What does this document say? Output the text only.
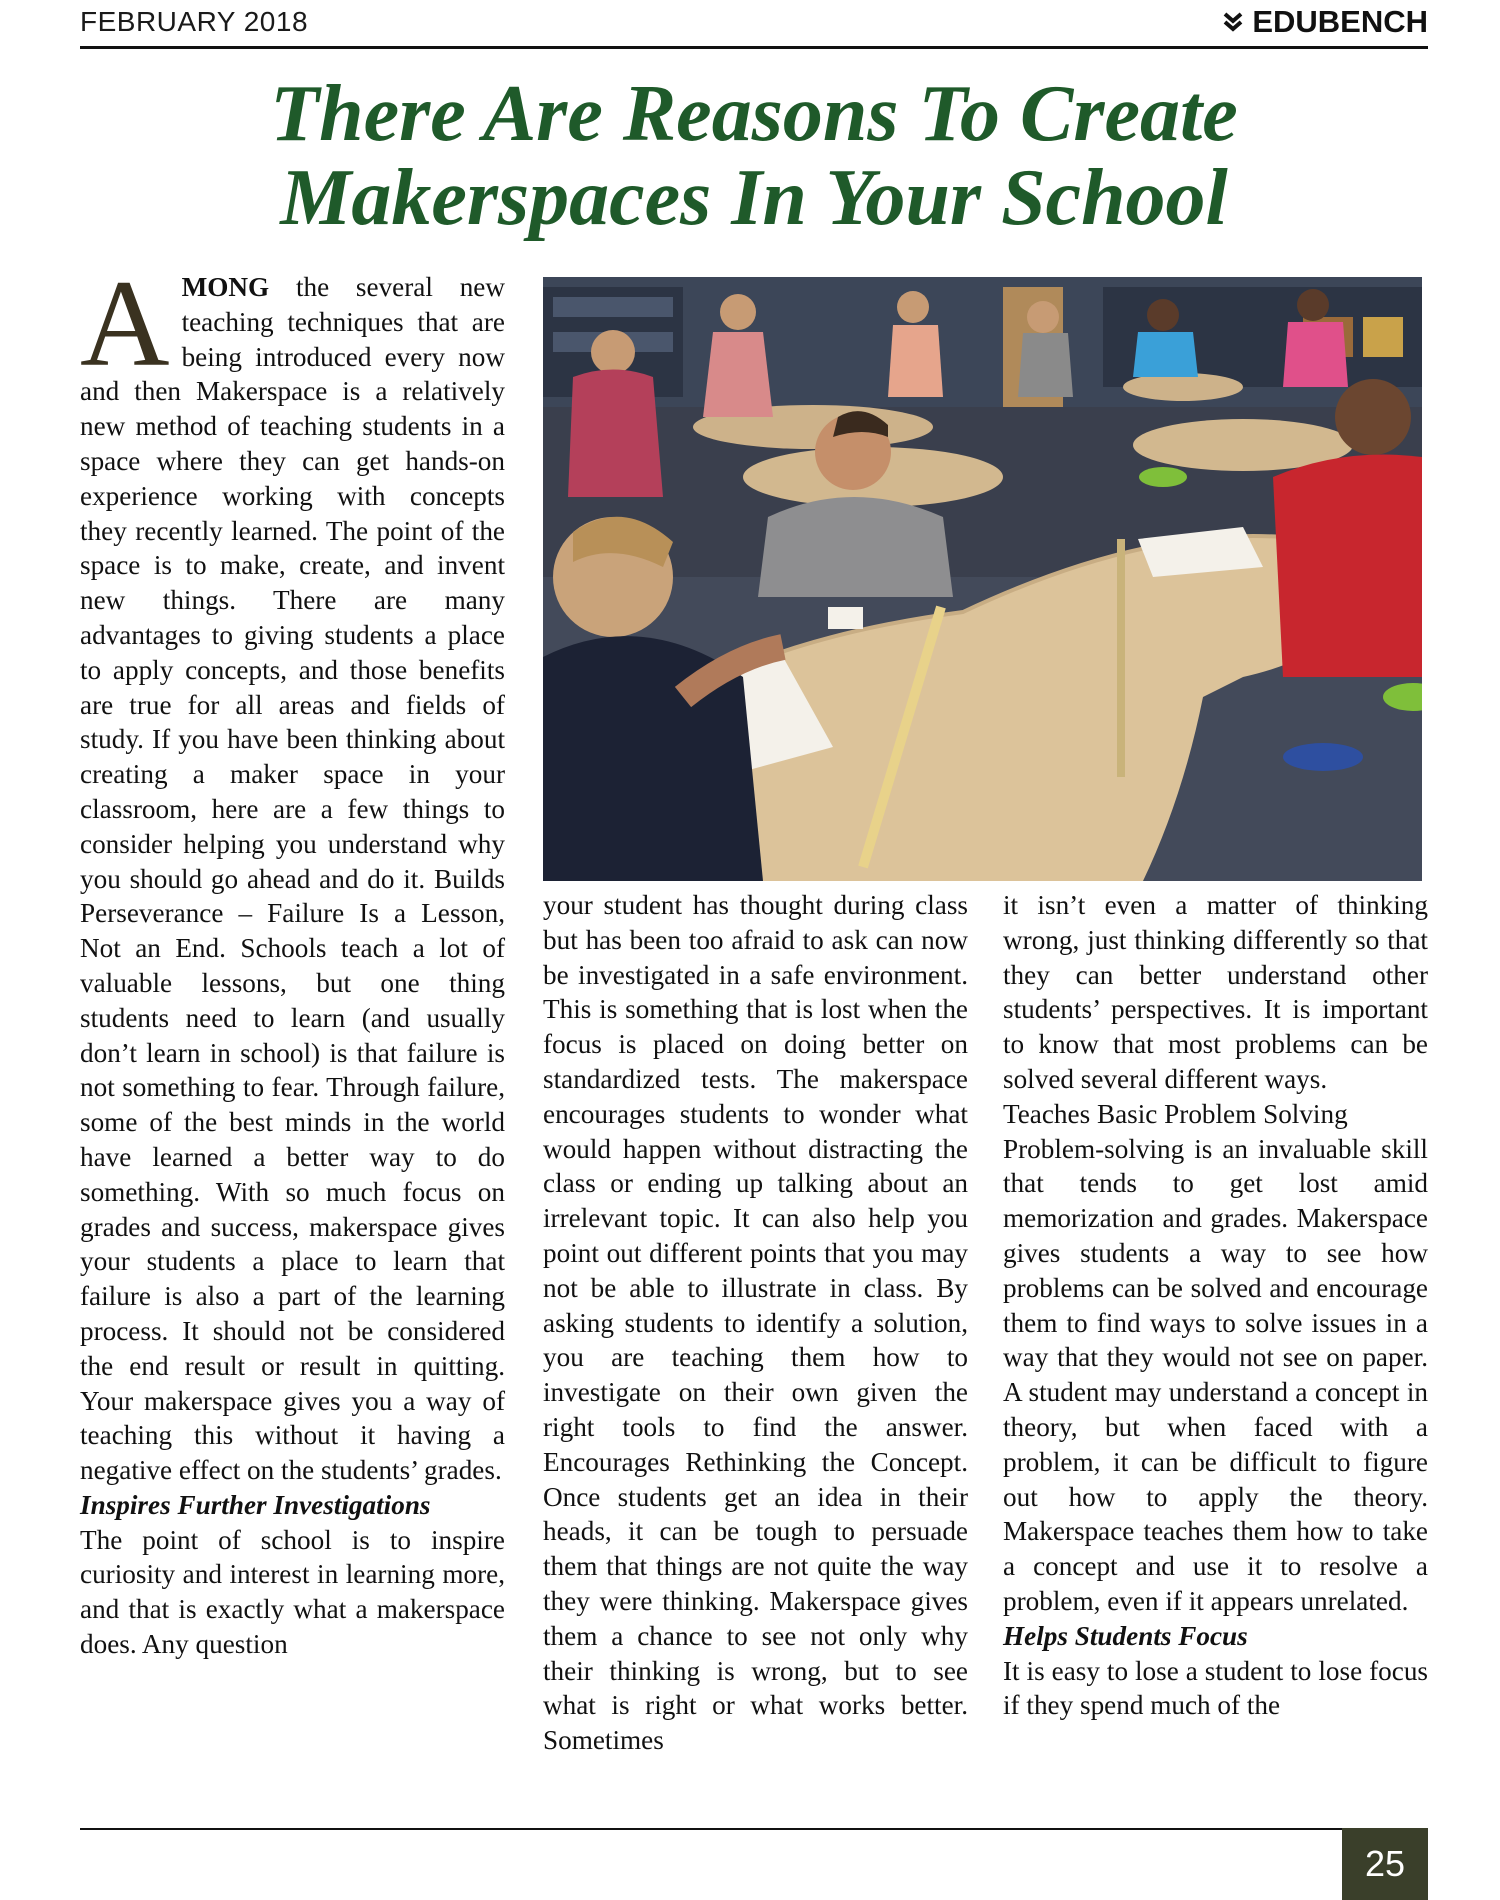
FEBRUARY 2018	EDUBENCH
There Are Reasons To Create Makerspaces In Your School

AMONG the several new teaching techniques that are being introduced every now and then Makerspace is a relatively new method of teaching students in a space where they can get hands-on experience working with concepts they recently learned. The point of the space is to make, create, and invent new things. There are many advantages to giving students a place to apply concepts, and those benefits are true for all areas and fields of study. If you have been thinking about creating a maker space in your classroom, here are a few things to consider helping you understand why you should go ahead and do it. Builds Perseverance – Failure Is a Lesson, Not an End. Schools teach a lot of valuable lessons, but one thing students need to learn (and usually don’t learn in school) is that failure is not something to fear. Through failure, some of the best minds in the world have learned a better way to do something. With so much focus on grades and success, makerspace gives your students a place to learn that failure is also a part of the learning process. It should not be considered the end result or result in quitting. Your makerspace gives you a way of teaching this without it having a negative effect on the students’ grades.

Inspires Further Investigations

The point of school is to inspire curiosity and interest in learning more, and that is exactly what a makerspace does. Any question

your student has thought during class but has been too afraid to ask can now be investigated in a safe environment. This is something that is lost when the focus is placed on doing better on standardized tests. The makerspace encourages students to wonder what would happen without distracting the class or ending up talking about an irrelevant topic. It can also help you point out different points that you may not be able to illustrate in class. By asking students to identify a solution, you are teaching them how to investigate on their own given the right tools to find the answer. Encourages Rethinking the Concept. Once students get an idea in their heads, it can be tough to persuade them that things are not quite the way they were thinking. Makerspace gives them a chance to see not only why their thinking is wrong, but to see what is right or what works better. Sometimes

it isn’t even a matter of thinking wrong, just thinking differently so that they can better understand other students’ perspectives. It is important to know that most problems can be solved several different ways.

Teaches Basic Problem Solving

Problem-solving is an invaluable skill that tends to get lost amid memorization and grades. Makerspace gives students a way to see how problems can be solved and encourage them to find ways to solve issues in a way that they would not see on paper. A student may understand a concept in theory, but when faced with a problem, it can be difficult to figure out how to apply the theory. Makerspace teaches them how to take a concept and use it to resolve a problem, even if it appears unrelated.

Helps Students Focus

It is easy to lose a student to lose focus if they spend much of the

25
